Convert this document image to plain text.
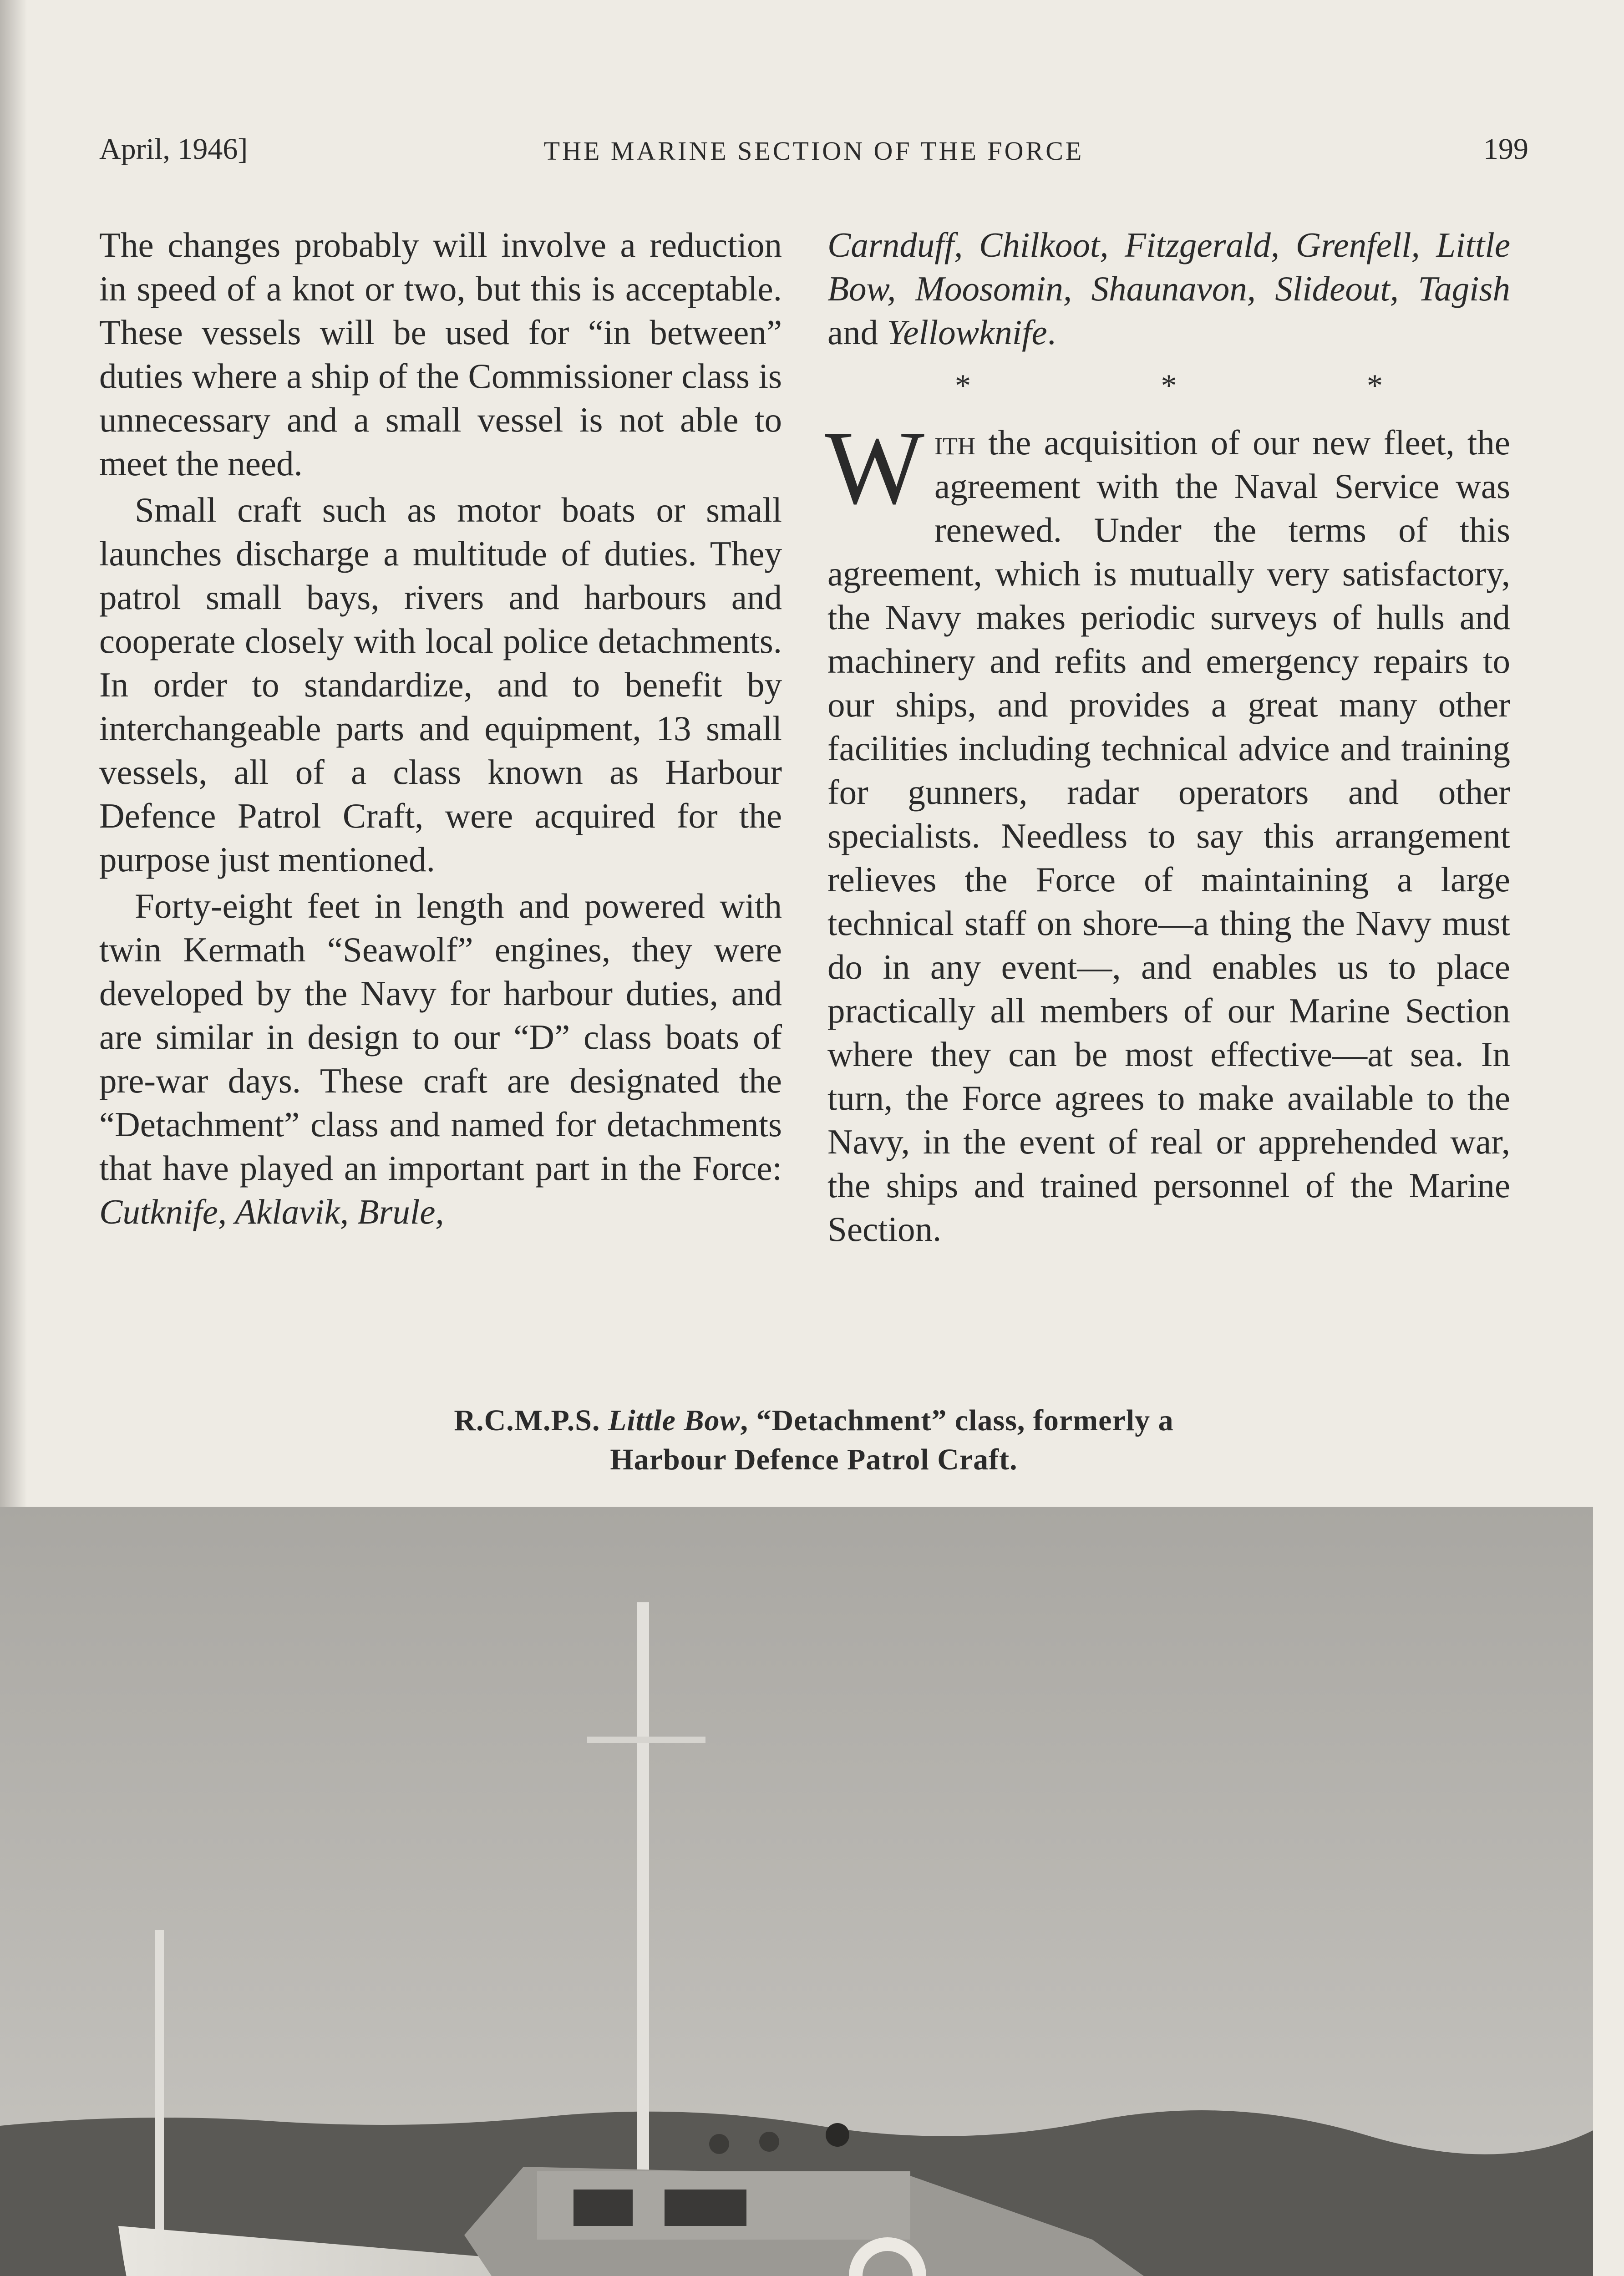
April, 1946]	THE MARINE SECTION OF THE FORCE	199

The changes probably will involve a reduction in speed of a knot or two, but this is acceptable. These vessels will be used for “in between” duties where a ship of the Commissioner class is unnecessary and a small vessel is not able to meet the need.

Small craft such as motor boats or small launches discharge a multitude of duties. They patrol small bays, rivers and harbours and cooperate closely with local police detachments. In order to standardize, and to benefit by interchangeable parts and equipment, 13 small vessels, all of a class known as Harbour Defence Patrol Craft, were acquired for the purpose just mentioned.

Forty-eight feet in length and powered with twin Kermath “Seawolf” engines, they were developed by the Navy for harbour duties, and are similar in design to our “D” class boats of pre-war days. These craft are designated the “Detachment” class and named for detachments that have played an important part in the Force: Cutknife, Aklavik, Brule,

Carnduff, Chilkoot, Fitzgerald, Grenfell, Little Bow, Moosomin, Shaunavon, Slideout, Tagish and Yellowknife.

* * *

With the acquisition of our new fleet, the agreement with the Naval Service was renewed. Under the terms of this agreement, which is mutually very satisfactory, the Navy makes periodic surveys of hulls and machinery and refits and emergency repairs to our ships, and provides a great many other facilities including technical advice and training for gunners, radar operators and other specialists. Needless to say this arrangement relieves the Force of maintaining a large technical staff on shore—a thing the Navy must do in any event—, and enables us to place practically all members of our Marine Section where they can be most effective—at sea. In turn, the Force agrees to make available to the Navy, in the event of real or apprehended war, the ships and trained personnel of the Marine Section.

R.C.M.P.S. Little Bow, “Detachment” class, formerly a
Harbour Defence Patrol Craft.
